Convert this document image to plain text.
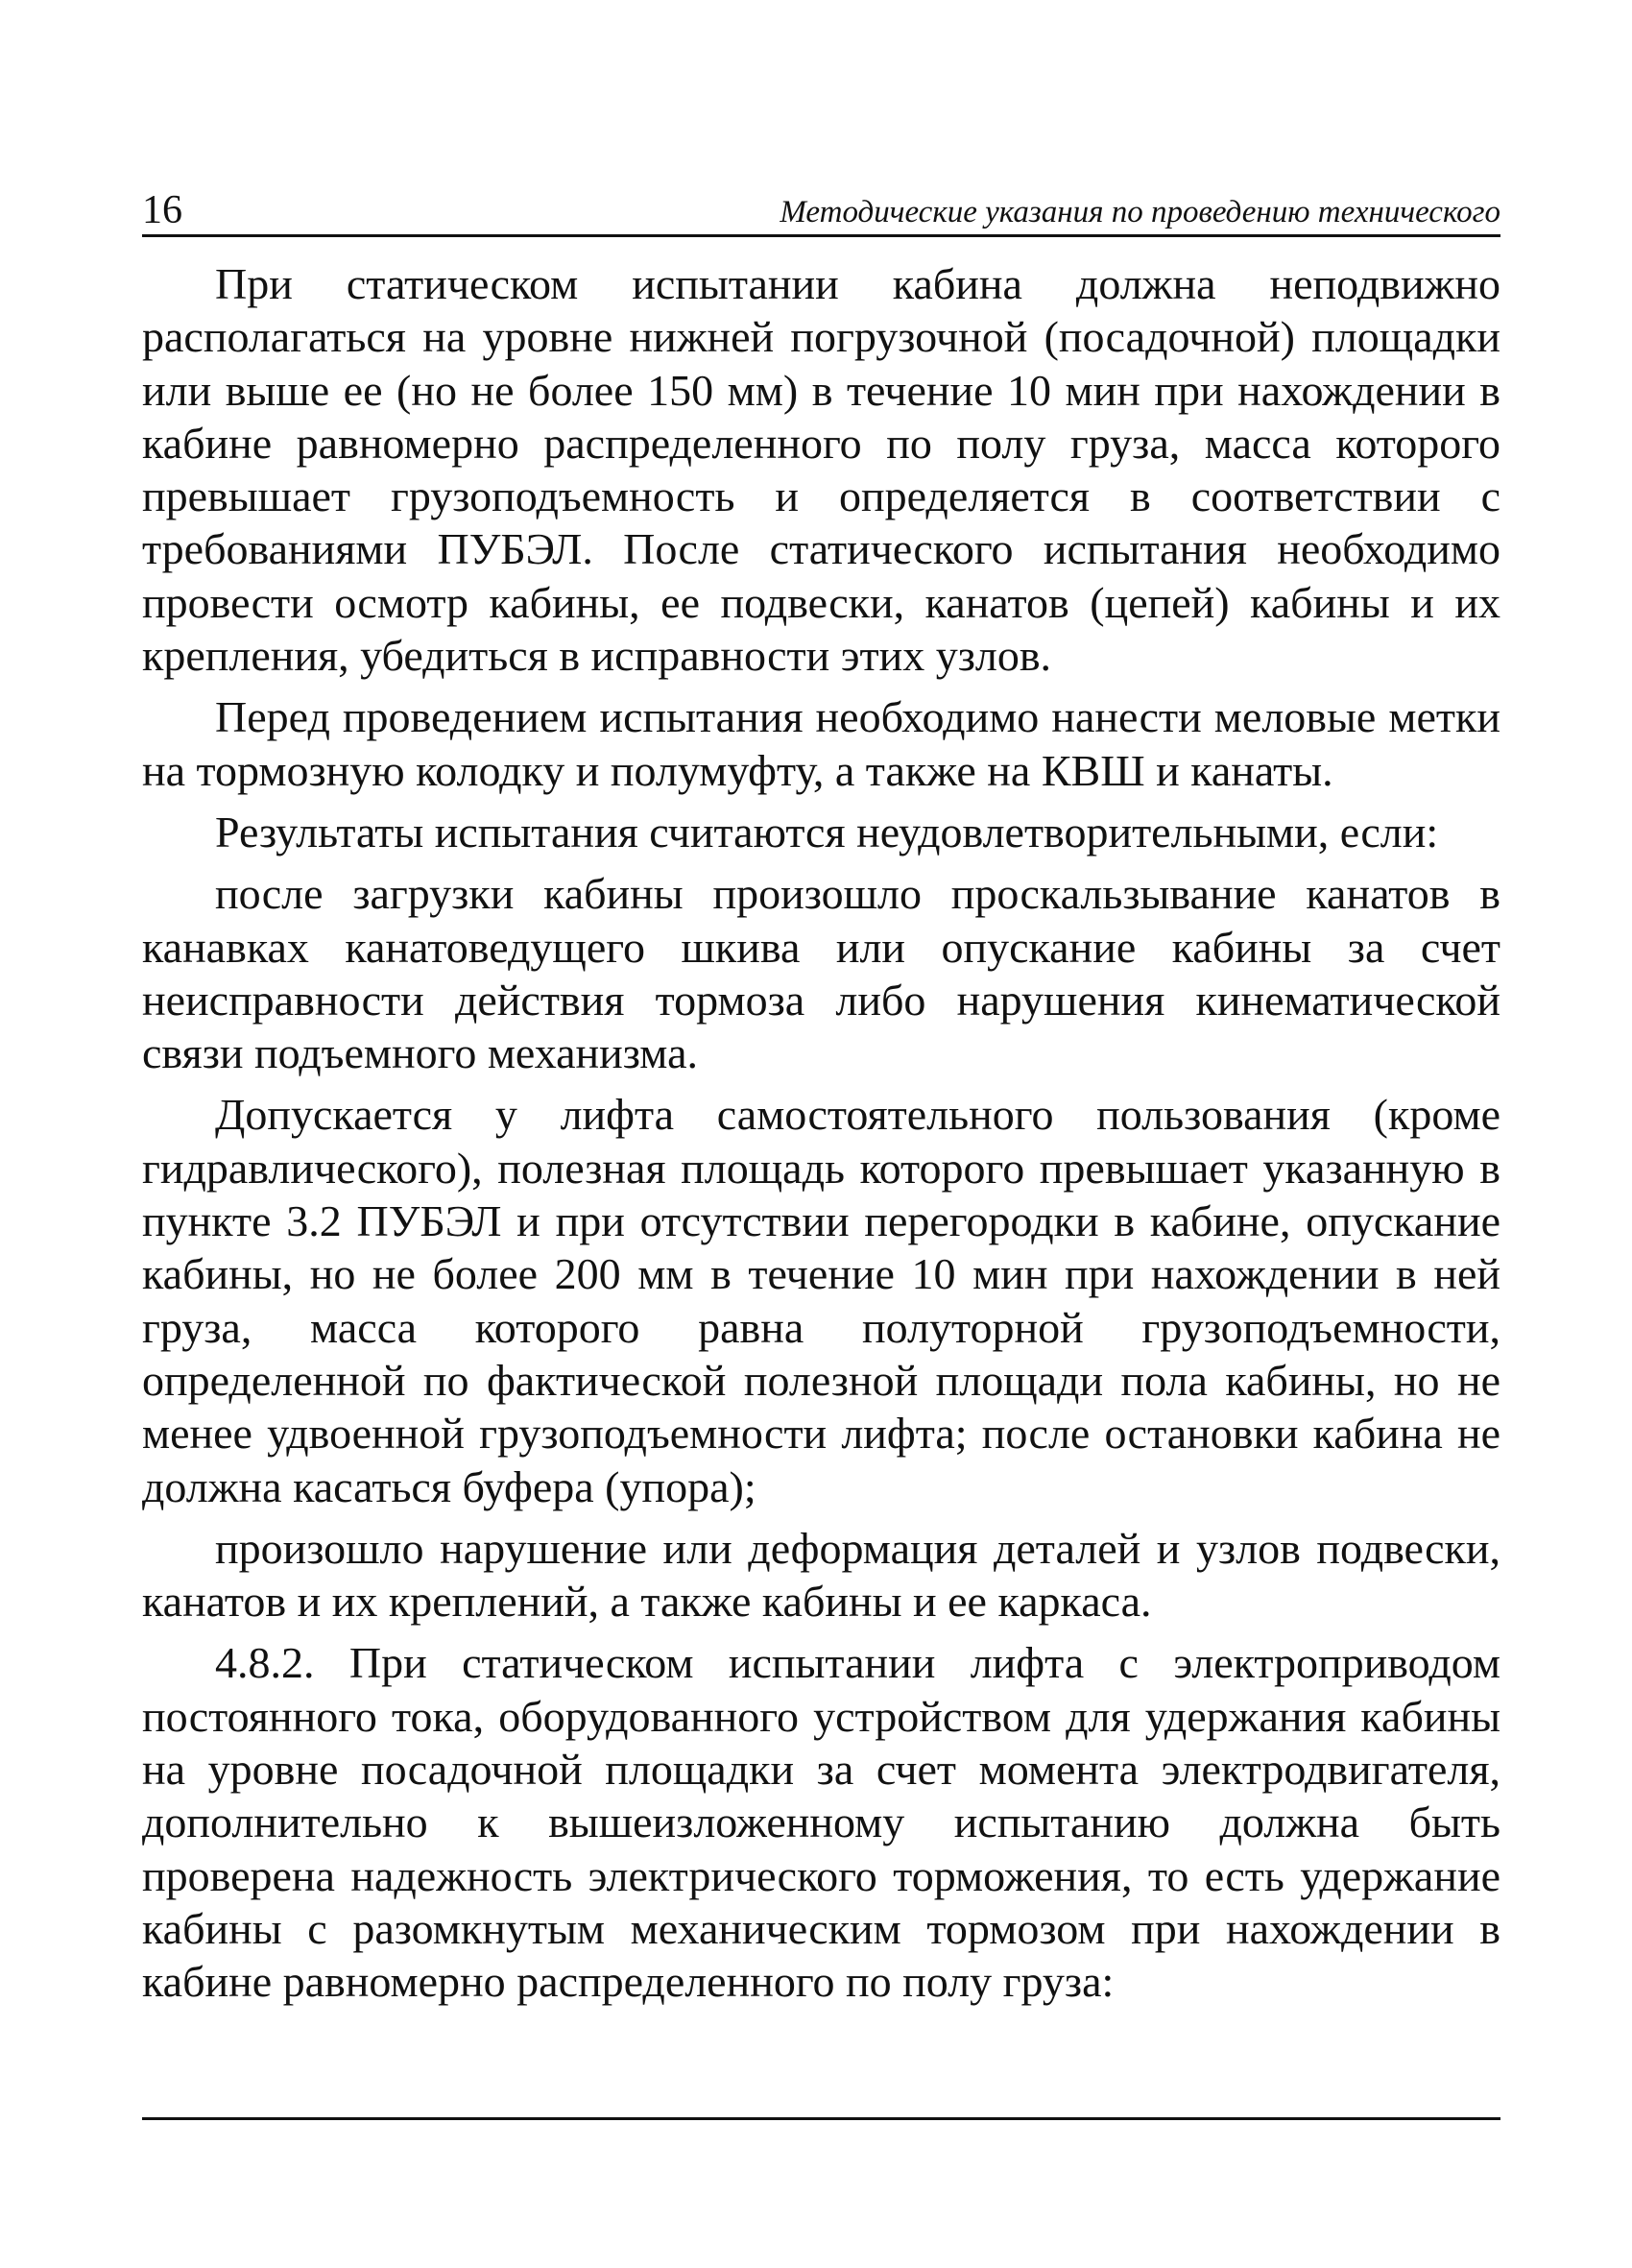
16	Методические указания по проведению технического

При статическом испытании кабина должна неподвижно располагаться на уровне нижней погрузочной (посадочной) площадки или выше ее (но не более 150 мм) в течение 10 мин при нахождении в кабине равномерно распределенного по полу груза, масса которого превышает грузоподъемность и определяется в соответствии с требованиями ПУБЭЛ. После статического испытания необходимо провести осмотр кабины, ее подвески, канатов (цепей) кабины и их крепления, убедиться в исправности этих узлов.

Перед проведением испытания необходимо нанести меловые метки на тормозную колодку и полумуфту, а также на КВШ и канаты.

Результаты испытания считаются неудовлетворительными, если:

после загрузки кабины произошло проскальзывание канатов в канавках канатоведущего шкива или опускание кабины за счет неисправности действия тормоза либо нарушения кинематической связи подъемного механизма.

Допускается у лифта самостоятельного пользования (кроме гидравлического), полезная площадь которого превышает указанную в пункте 3.2 ПУБЭЛ и при отсутствии перегородки в кабине, опускание кабины, но не более 200 мм в течение 10 мин при нахождении в ней груза, масса которого равна полуторной грузоподъемности, определенной по фактической полезной площади пола кабины, но не менее удвоенной грузоподъемности лифта; после остановки кабина не должна касаться буфера (упора);

произошло нарушение или деформация деталей и узлов подвески, канатов и их креплений, а также кабины и ее каркаса.

4.8.2. При статическом испытании лифта с электроприводом постоянного тока, оборудованного устройством для удержания кабины на уровне посадочной площадки за счет момента электродвигателя, дополнительно к вышеизложенному испытанию должна быть проверена надежность электрического торможения, то есть удержание кабины с разомкнутым механическим тормозом при нахождении в кабине равномерно распределенного по полу груза:
